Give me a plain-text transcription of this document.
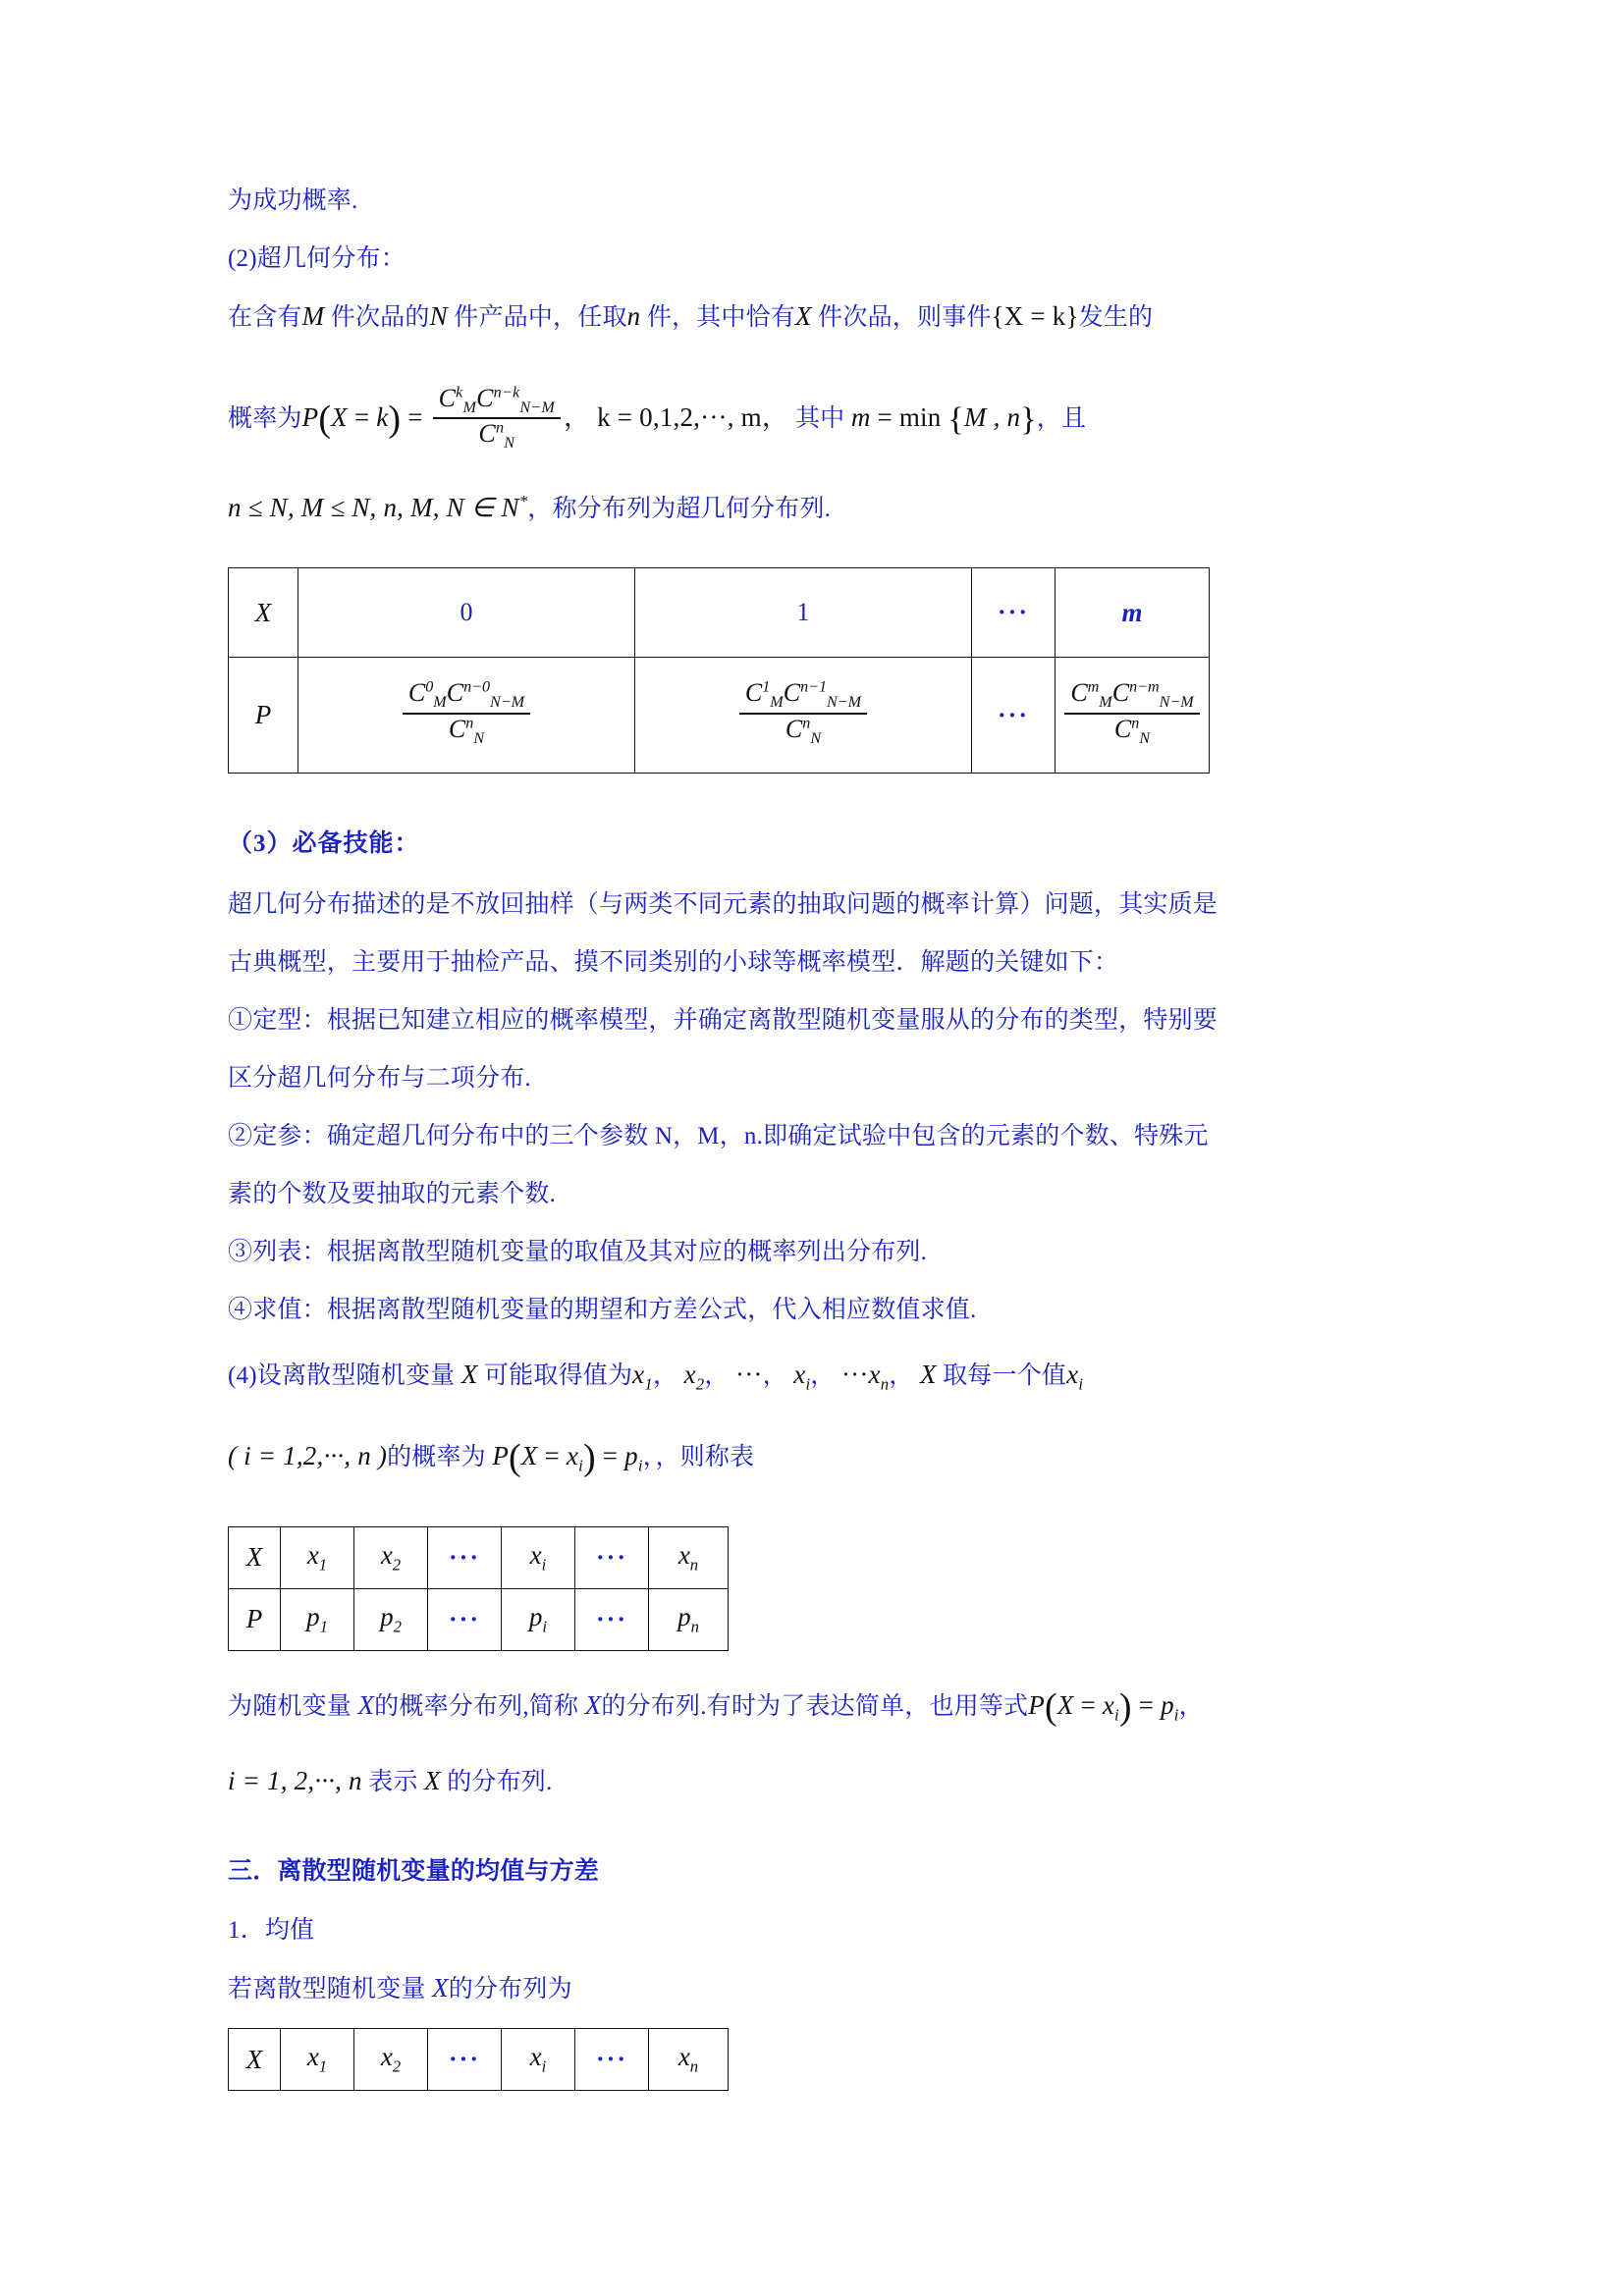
为成功概率.
(2)超几何分布：
在含有M 件次品的N 件产品中，任取n 件，其中恰有X 件次品，则事件{X = k}发生的
概率为$P(X = k) = \frac{C^k_MC^{n-k}_{N-M}}{C^n_N}$ ， k = 0,1,2,···, m， 其中 m = min {M , n}，且
n ≤ N, M ≤ N, n, M, N ∈ N*，称分布列为超几何分布列.
X	0	1	···	m
P	$\frac{C^0_MC^{n-0}_{N-M}}{C^n_N}$	$\frac{C^1_MC^{n-1}_{N-M}}{C^n_N}$	···	$\frac{C^m_MC^{n-m}_{N-M}}{C^n_N}$
（3）必备技能：
超几何分布描述的是不放回抽样（与两类不同元素的抽取问题的概率计算）问题，其实质是
古典概型，主要用于抽检产品、摸不同类别的小球等概率模型．解题的关键如下：
①定型：根据已知建立相应的概率模型，并确定离散型随机变量服从的分布的类型，特别要
区分超几何分布与二项分布.
②定参：确定超几何分布中的三个参数 N，M，n.即确定试验中包含的元素的个数、特殊元
素的个数及要抽取的元素个数.
③列表：根据离散型随机变量的取值及其对应的概率列出分布列.
④求值：根据离散型随机变量的期望和方差公式，代入相应数值求值.
(4)设离散型随机变量 X 可能取得值为$x_1$， $x_2$， ···， $x_i$， $\cdot\cdot\cdot x_n$， X 取每一个值$x_i$
( i = 1,2,···, n )的概率为 $P(X = x_i) = p_i$，，则称表
X	$x_1$	$x_2$	···	$x_i$	···	$x_n$
P	$p_1$	$p_2$	···	$p_i$	···	$p_n$
为随机变量 X的概率分布列,简称 X的分布列.有时为了表达简单，也用等式$P(X = x_i) = p_i$，
i = 1, 2,···, n 表示 X 的分布列.
三．离散型随机变量的均值与方差
1．均值
若离散型随机变量 X的分布列为
X	$x_1$	$x_2$	···	$x_i$	···	$x_n$
